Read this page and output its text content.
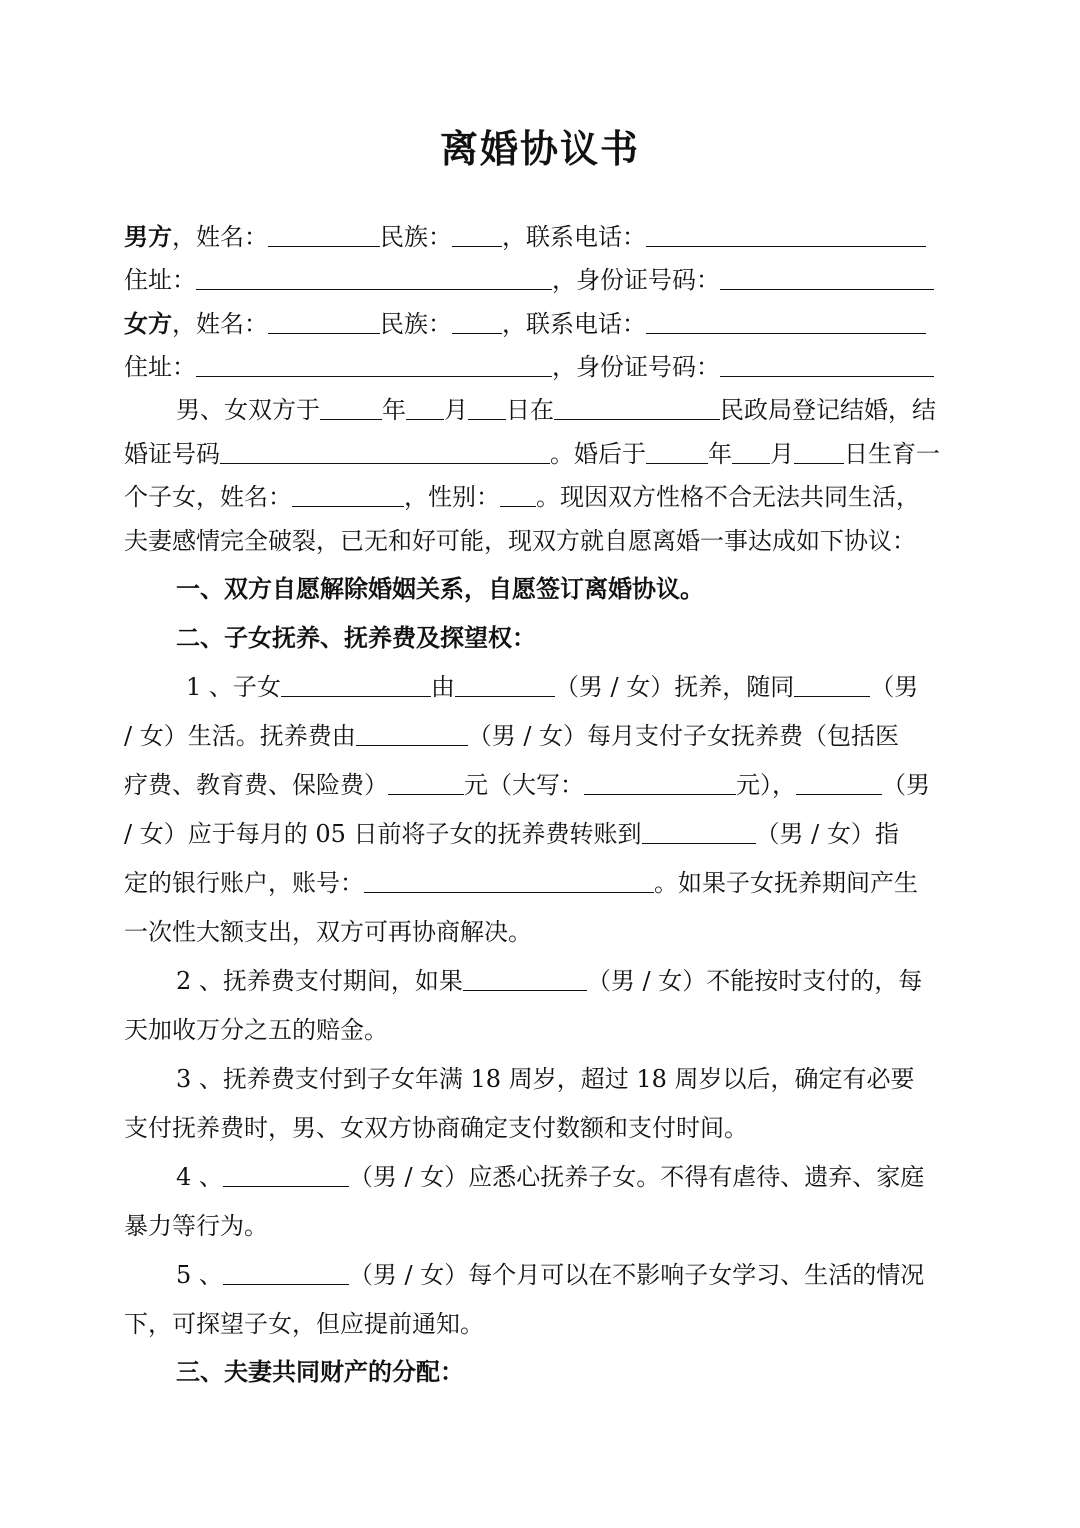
离婚协议书
男方，姓名：	民族： ，联系电话：
住址：	，身份证号码：
女方，姓名：	民族： ，联系电话：
住址：	，身份证号码：
男、女双方于	年 月 日在	民政局登记结婚，结
婚证号码	。婚后于	年 月 日生育一
个子女，姓名：	，性别： 。现因双方性格不合无法共同生活，
夫妻感情完全破裂，已无和好可能，现双方就自愿离婚一事达成如下协议：
一、双方自愿解除婚姻关系，自愿签订离婚协议。
二、子女抚养、抚养费及探望权：
1 、子女	由	（男 / 女）抚养，随同	（男
/ 女）生活。抚养费由	（男 / 女）每月支付子女抚养费（包括医
疗费、教育费、保险费）	元（大写：	元），	（男
/ 女）应于每月的 05 日前将子女的抚养费转账到	（男 / 女）指
定的银行账户，账号：	。如果子女抚养期间产生
一次性大额支出，双方可再协商解决。
2 、抚养费支付期间，如果	（男 / 女）不能按时支付的，每
天加收万分之五的赔金。
3 、抚养费支付到子女年满 18 周岁，超过 18 周岁以后，确定有必要
支付抚养费时，男、女双方协商确定支付数额和支付时间。
4 、	（男 / 女）应悉心抚养子女。不得有虐待、遗弃、家庭
暴力等行为。
5 、	（男 / 女）每个月可以在不影响子女学习、生活的情况
下，可探望子女，但应提前通知。
三、夫妻共同财产的分配：
